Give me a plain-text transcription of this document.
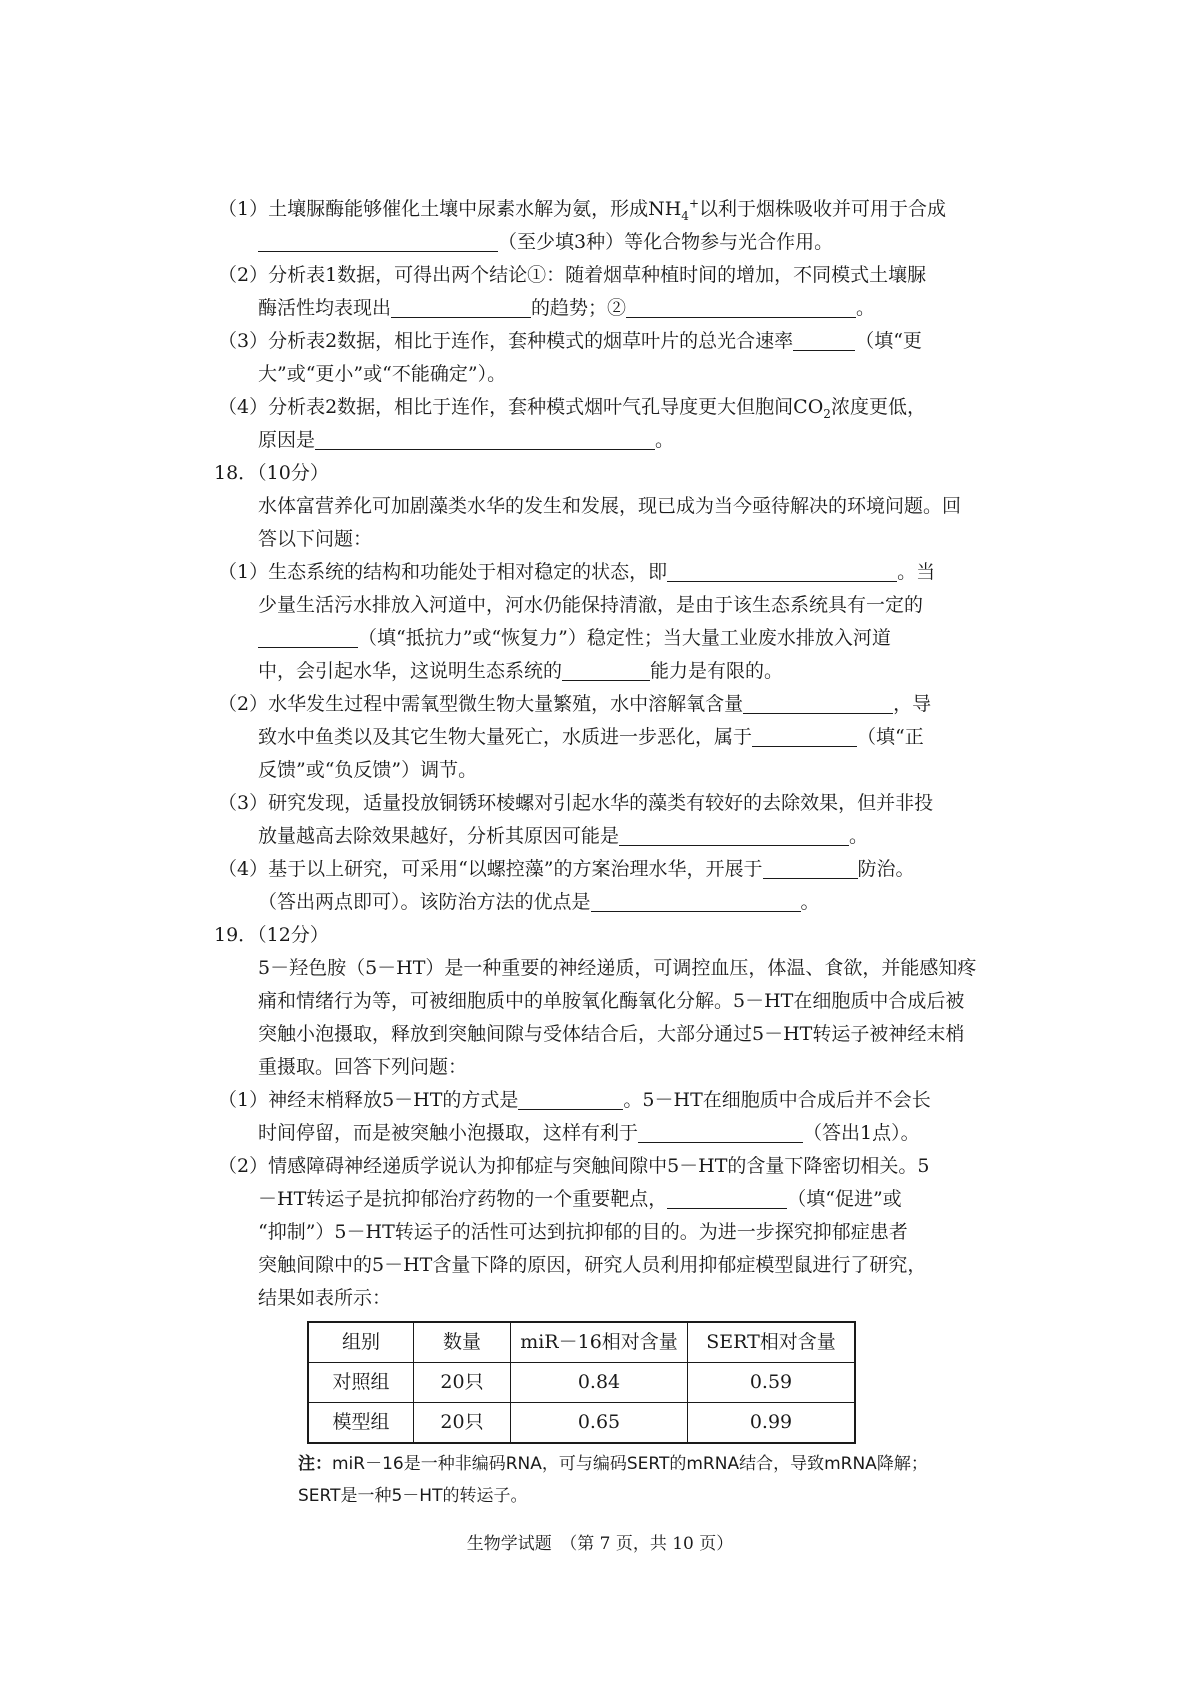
（1）土壤脲酶能够催化土壤中尿素水解为氨，形成$NH_4^+$以利于烟株吸收并可用于合成
（至少填3种）等化合物参与光合作用。
（2）分析表1数据，可得出两个结论①：随着烟草种植时间的增加，不同模式土壤脲
酶活性均表现出	的趋势；②	。
（3）分析表2数据，相比于连作，套种模式的烟草叶片的总光合速率	（填“更
大”或“更小”或“不能确定”）。
（4）分析表2数据，相比于连作，套种模式烟叶气孔导度更大但胞间$CO_2$浓度更低，
原因是	。
18．（10分）
水体富营养化可加剧藻类水华的发生和发展，现已成为当今亟待解决的环境问题。回
答以下问题：
（1）生态系统的结构和功能处于相对稳定的状态，即	。当
少量生活污水排放入河道中，河水仍能保持清澈，是由于该生态系统具有一定的
（填“抵抗力”或“恢复力”）稳定性；当大量工业废水排放入河道
中，会引起水华，这说明生态系统的	能力是有限的。
（2）水华发生过程中需氧型微生物大量繁殖，水中溶解氧含量	，导
致水中鱼类以及其它生物大量死亡，水质进一步恶化，属于	（填“正
反馈”或“负反馈”）调节。
（3）研究发现，适量投放铜锈环棱螺对引起水华的藻类有较好的去除效果，但并非投
放量越高去除效果越好，分析其原因可能是	。
（4）基于以上研究，可采用“以螺控藻”的方案治理水华，开展于	防治。
（答出两点即可）。该防治方法的优点是	。
19．（12分）
5－羟色胺（5－HT）是一种重要的神经递质，可调控血压，体温、食欲，并能感知疼
痛和情绪行为等，可被细胞质中的单胺氧化酶氧化分解。5－HT在细胞质中合成后被
突触小泡摄取，释放到突触间隙与受体结合后，大部分通过5－HT转运子被神经末梢
重摄取。回答下列问题：
（1）神经末梢释放5－HT的方式是	。5－HT在细胞质中合成后并不会长
时间停留，而是被突触小泡摄取，这样有利于	（答出1点）。
（2）情感障碍神经递质学说认为抑郁症与突触间隙中5－HT的含量下降密切相关。5
－HT转运子是抗抑郁治疗药物的一个重要靶点，	（填“促进”或
“抑制”）5－HT转运子的活性可达到抗抑郁的目的。为进一步探究抑郁症患者
突触间隙中的5－HT含量下降的原因，研究人员利用抑郁症模型鼠进行了研究，
结果如表所示：
组别	数量	miR－16相对含量	SERT相对含量
对照组	20只	0.84	0.59
模型组	20只	0.65	0.99
注：miR－16是一种非编码RNA，可与编码SERT的mRNA结合，导致mRNA降解；
SERT是一种5－HT的转运子。
生物学试题　（第 7 页，共 10 页）
